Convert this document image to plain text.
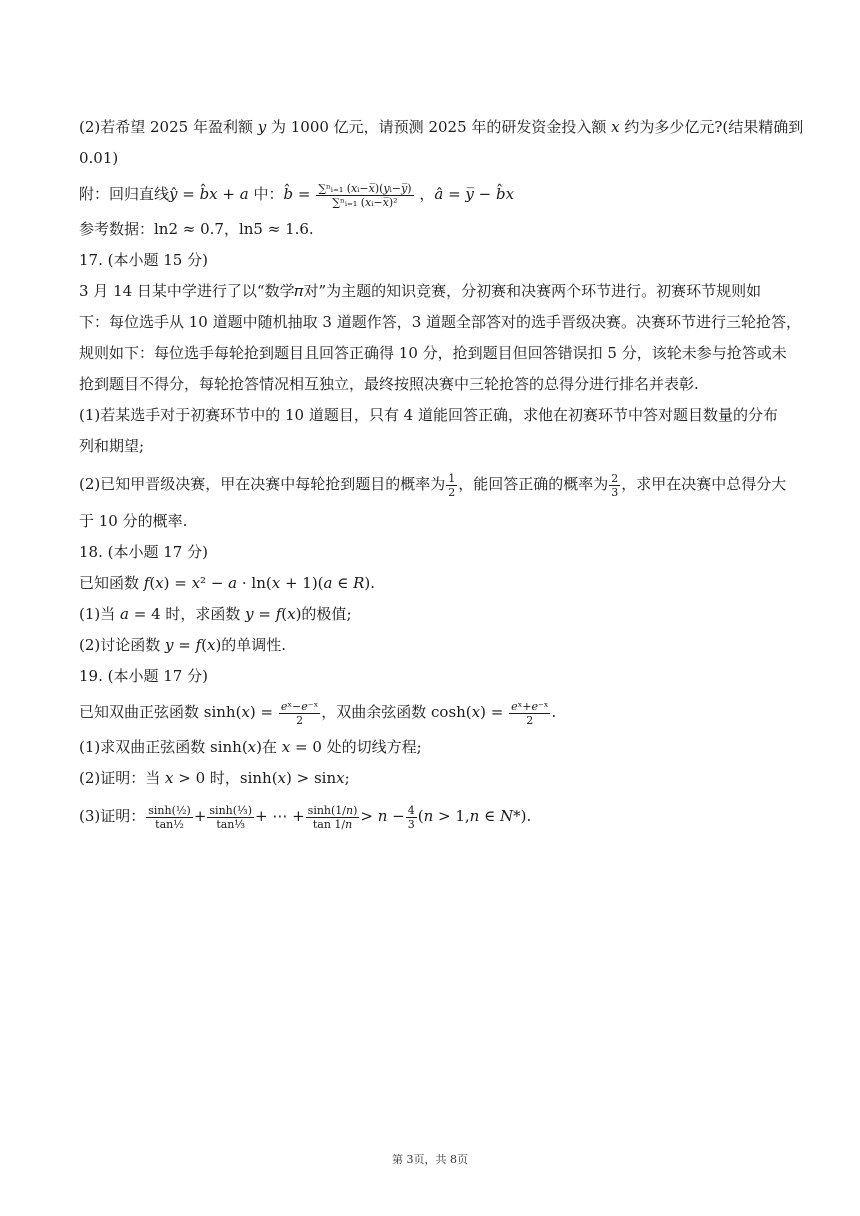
(2)若希望 2025 年盈利额 𝑦 为 1000 亿元，请预测 2025 年的研发资金投入额 𝑥 约为多少亿元?(结果精确到
0.01)
附：回归直线𝑦̂ = 𝑏̂𝑥 + 𝑎 中：𝑏̂ = $\frac{\text{∑ⁿᵢ₌₁ (𝑥ᵢ−𝑥̅)(𝑦ᵢ−𝑦̅)}}{\text{∑ⁿᵢ₌₁ (𝑥ᵢ−𝑥̅)²}}$ ，𝑎̂ = 𝑦̅ − 𝑏̂𝑥
参考数据：ln2 ≈ 0.7，ln5 ≈ 1.6.
17. (本小题 15 分)
3 月 14 日某中学进行了以“数学𝜋对”为主题的知识竞赛，分初赛和决赛两个环节进行。初赛环节规则如
下：每位选手从 10 道题中随机抽取 3 道题作答，3 道题全部答对的选手晋级决赛。决赛环节进行三轮抢答，
规则如下：每位选手每轮抢到题目且回答正确得 10 分，抢到题目但回答错误扣 5 分，该轮未参与抢答或未
抢到题目不得分，每轮抢答情况相互独立，最终按照决赛中三轮抢答的总得分进行排名并表彰.
(1)若某选手对于初赛环节中的 10 道题目，只有 4 道能回答正确，求他在初赛环节中答对题目数量的分布
列和期望;
(2)已知甲晋级决赛，甲在决赛中每轮抢到题目的概率为 $\frac{1}{2}$ ，能回答正确的概率为 $\frac{2}{3}$ ，求甲在决赛中总得分大
于 10 分的概率.
18. (本小题 17 分)
已知函数 𝑓(𝑥) = 𝑥² − 𝑎 · ln(𝑥 + 1)(𝑎 ∈ 𝑅).
(1)当 𝑎 = 4 时，求函数 𝑦 = 𝑓(𝑥)的极值;
(2)讨论函数 𝑦 = 𝑓(𝑥)的单调性.
19. (本小题 17 分)
已知双曲正弦函数 sinh(𝑥) = $\frac{\text{𝑒ˣ−𝑒⁻ˣ}}{2}$ ，双曲余弦函数 cosh(𝑥) = $\frac{\text{𝑒ˣ+𝑒⁻ˣ}}{2}$ .
(1)求双曲正弦函数 sinh(𝑥)在 𝑥 = 0 处的切线方程;
(2)证明：当 𝑥 > 0 时，sinh(𝑥) > sin𝑥;
(3)证明： $\frac{\text{sinh(½)}}{\text{tan½}} + \frac{\text{sinh(⅓)}}{\text{tan⅓}}$ + ⋯ + $\frac{\text{sinh(1/𝑛)}}{\text{tan 1/𝑛}}$ > 𝑛 − $\frac{4}{3}$ (𝑛 > 1,𝑛 ∈ 𝑁*).
第 3页，共 8页
